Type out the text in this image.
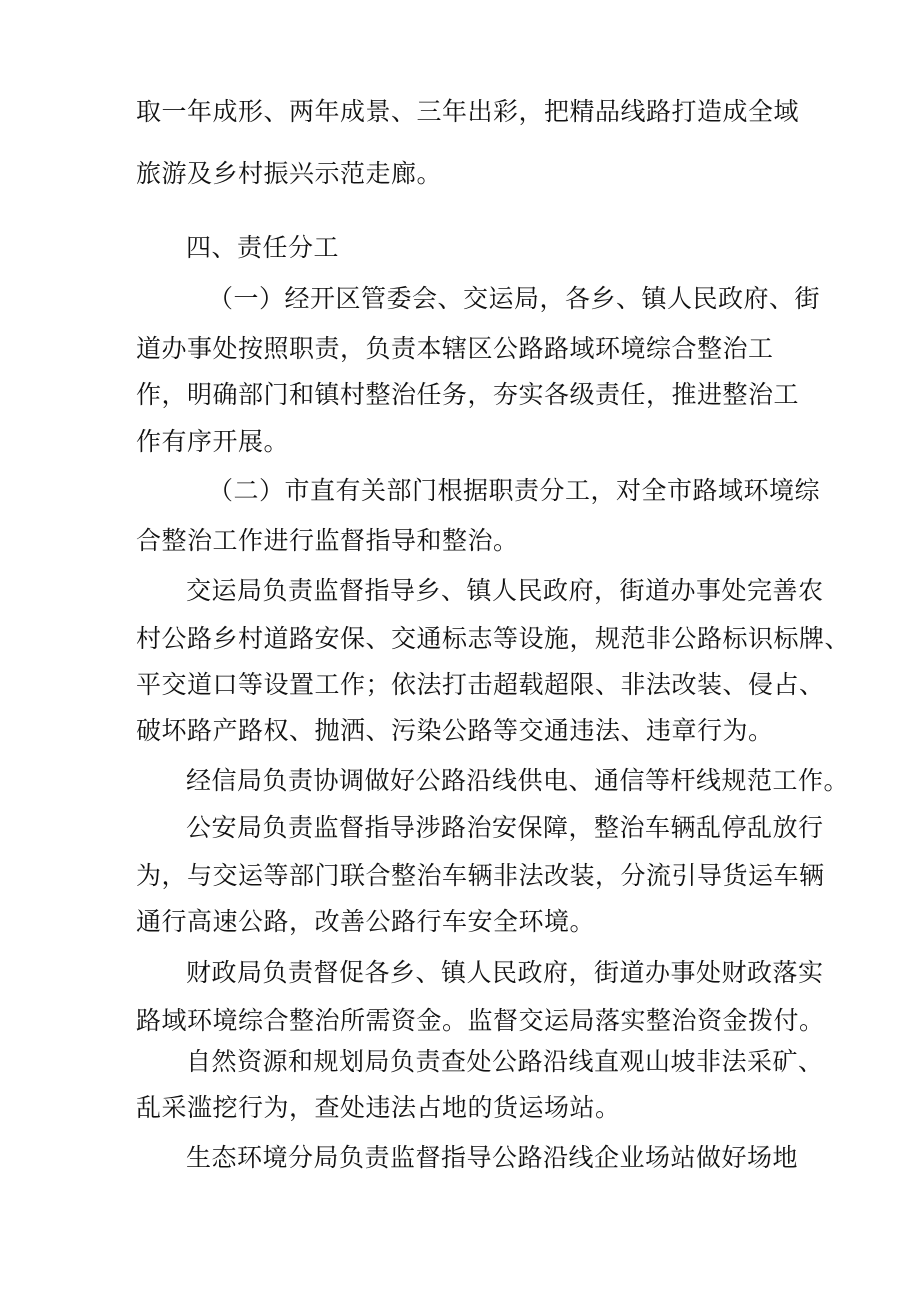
取一年成形、两年成景、三年出彩，把精品线路打造成全域
旅游及乡村振兴示范走廊。
四、责任分工
（一）经开区管委会、交运局，各乡、镇人民政府、街
道办事处按照职责，负责本辖区公路路域环境综合整治工
作，明确部门和镇村整治任务，夯实各级责任，推进整治工
作有序开展。
（二）市直有关部门根据职责分工，对全市路域环境综
合整治工作进行监督指导和整治。
交运局负责监督指导乡、镇人民政府，街道办事处完善农
村公路乡村道路安保、交通标志等设施，规范非公路标识标牌、
平交道口等设置工作；依法打击超载超限、非法改装、侵占、
破坏路产路权、抛洒、污染公路等交通违法、违章行为。
经信局负责协调做好公路沿线供电、通信等杆线规范工作。
公安局负责监督指导涉路治安保障，整治车辆乱停乱放行
为，与交运等部门联合整治车辆非法改装，分流引导货运车辆
通行高速公路，改善公路行车安全环境。
财政局负责督促各乡、镇人民政府，街道办事处财政落实
路域环境综合整治所需资金。监督交运局落实整治资金拨付。
自然资源和规划局负责查处公路沿线直观山坡非法采矿、
乱采滥挖行为，查处违法占地的货运场站。
生态环境分局负责监督指导公路沿线企业场站做好场地
